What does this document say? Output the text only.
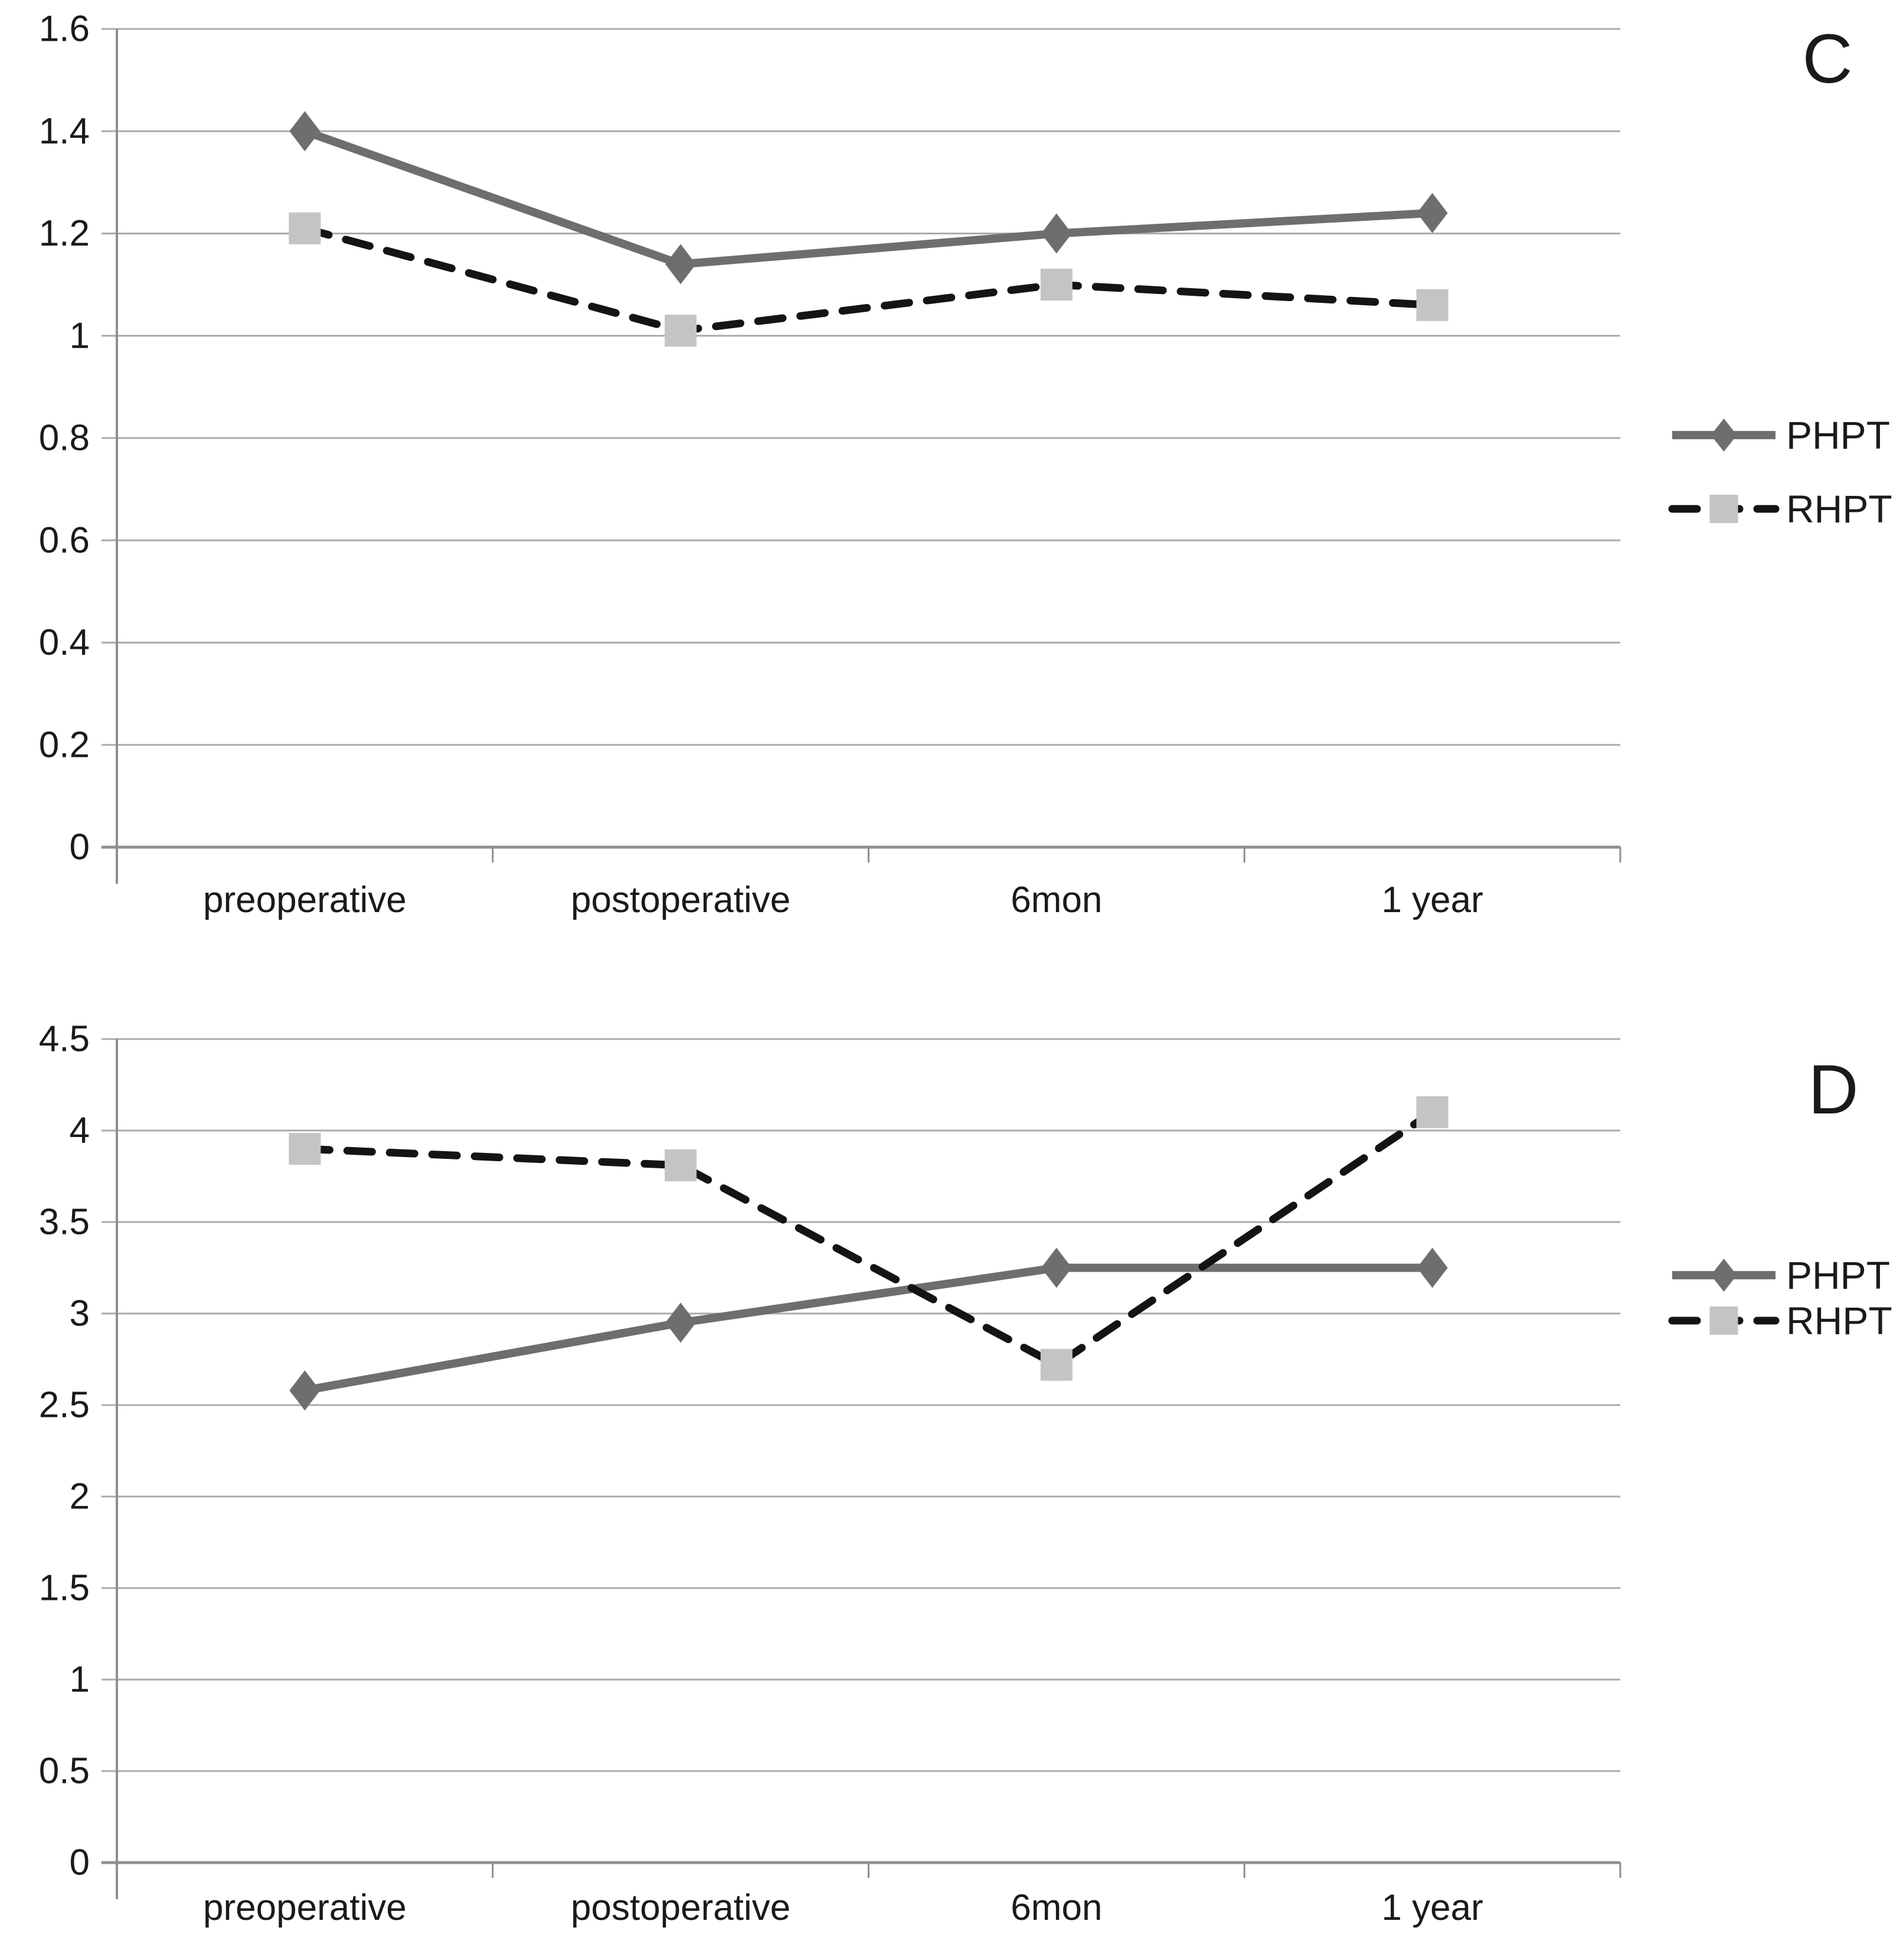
1.6
1.4
1.2
1
0.8
0.6
0.4
0.2
0
preoperative	postoperative	6mon	1 year
PHPT
RHPT
C
4.5
4
3.5
3
2.5
2
1.5
1
0.5
0
preoperative	postoperative	6mon	1 year
PHPT
RHPT
D
